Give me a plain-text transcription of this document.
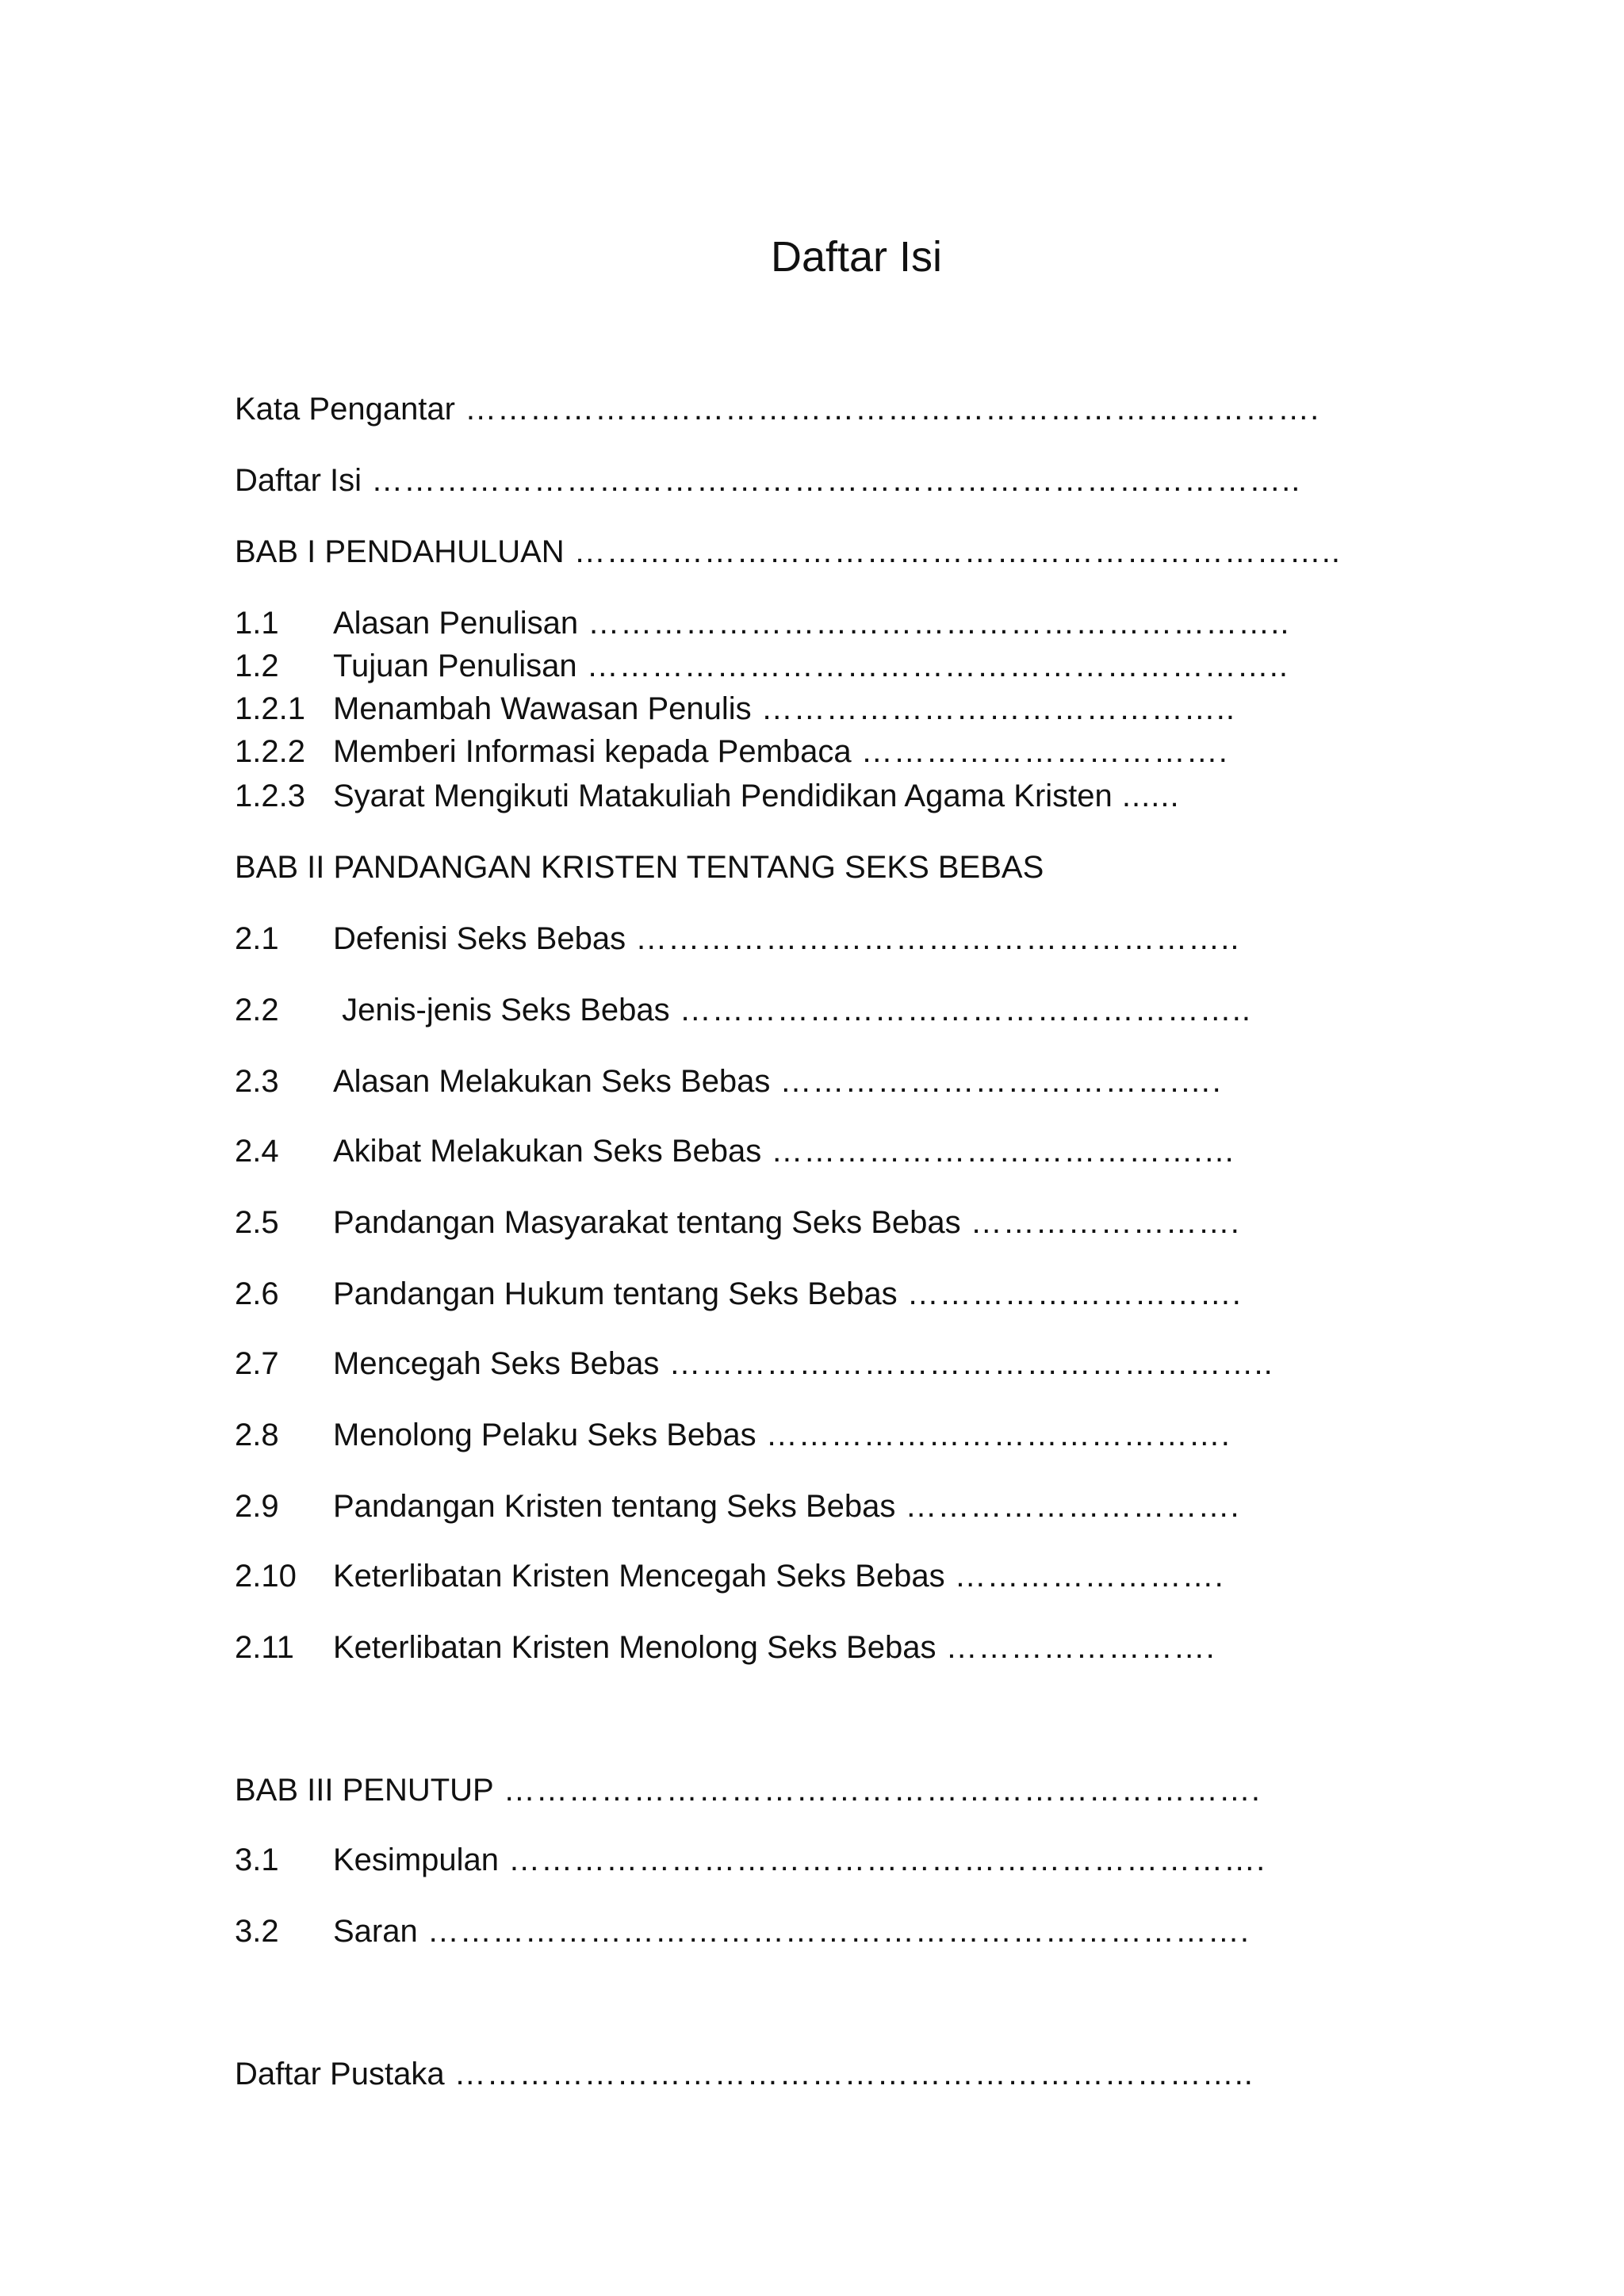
Daftar Isi
Kata Pengantar …………………………………………………………………….
Daftar Isi …………………………………………………………………………..
BAB I PENDAHULUAN ……………………………………………………………..
1.1 Alasan Penulisan ………………………………………………………..
1.2 Tujuan Penulisan ………………………………………………………..
1.2.1 Menambah Wawasan Penulis ……………………………………..
1.2.2 Memberi Informasi kepada Pembaca …………………………….
1.2.3 Syarat Mengikuti Matakuliah Pendidikan Agama Kristen ......
BAB II PANDANGAN KRISTEN TENTANG SEKS BEBAS
2.1 Defenisi Seks Bebas ………………………………………………..
2.2 Jenis-jenis Seks Bebas ……………………………………………..
2.3 Alasan Melakukan Seks Bebas ……………………………….….
2.4 Akibat Melakukan Seks Bebas ………………………………….…
2.5 Pandangan Masyarakat tentang Seks Bebas …………………….
2.6 Pandangan Hukum tentang Seks Bebas ………………………….
2.7 Mencegah Seks Bebas ………………………………………………..
2.8 Menolong Pelaku Seks Bebas …………………………………….
2.9 Pandangan Kristen tentang Seks Bebas ………………………….
2.10 Keterlibatan Kristen Mencegah Seks Bebas …………………….
2.11 Keterlibatan Kristen Menolong Seks Bebas …………………….
BAB III PENUTUP …………………………………………………………….
3.1 Kesimpulan …………………………………………………………….
3.2 Saran ………………………………………………………………….
Daftar Pustaka ………………………………………………………………..
